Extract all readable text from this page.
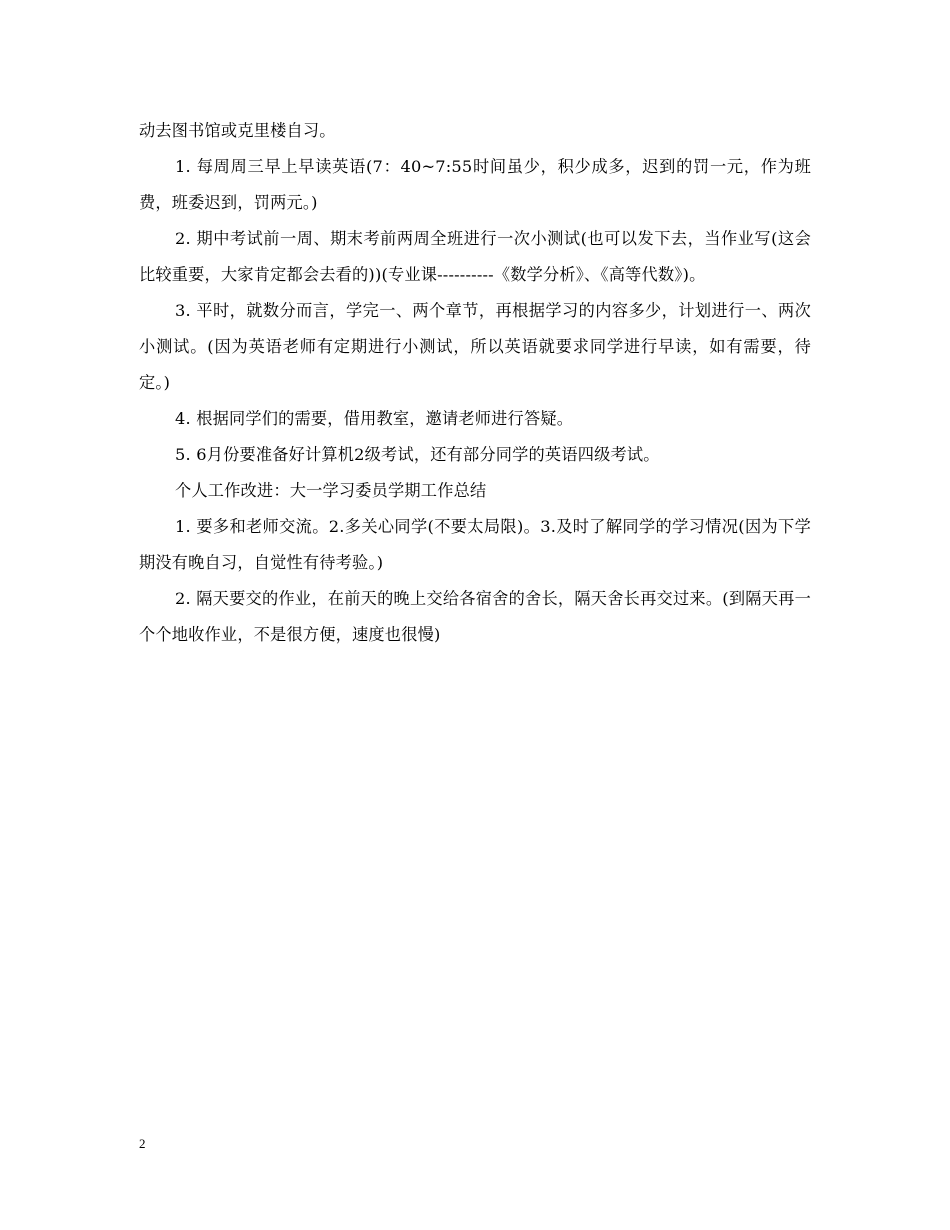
动去图书馆或克里楼自习。

1. 每周周三早上早读英语(7：40~7:55时间虽少，积少成多，迟到的罚一元，作为班费，班委迟到，罚两元。)

2. 期中考试前一周、期末考前两周全班进行一次小测试(也可以发下去，当作业写(这会比较重要，大家肯定都会去看的))(专业课----------《数学分析》、《高等代数》)。

3. 平时，就数分而言，学完一、两个章节，再根据学习的内容多少，计划进行一、两次小测试。(因为英语老师有定期进行小测试，所以英语就要求同学进行早读，如有需要，待定。)

4. 根据同学们的需要，借用教室，邀请老师进行答疑。

5. 6月份要准备好计算机2级考试，还有部分同学的英语四级考试。

个人工作改进：大一学习委员学期工作总结

1. 要多和老师交流。2.多关心同学(不要太局限)。3.及时了解同学的学习情况(因为下学期没有晚自习，自觉性有待考验。)

2. 隔天要交的作业，在前天的晚上交给各宿舍的舍长，隔天舍长再交过来。(到隔天再一个个地收作业，不是很方便，速度也很慢)

2
